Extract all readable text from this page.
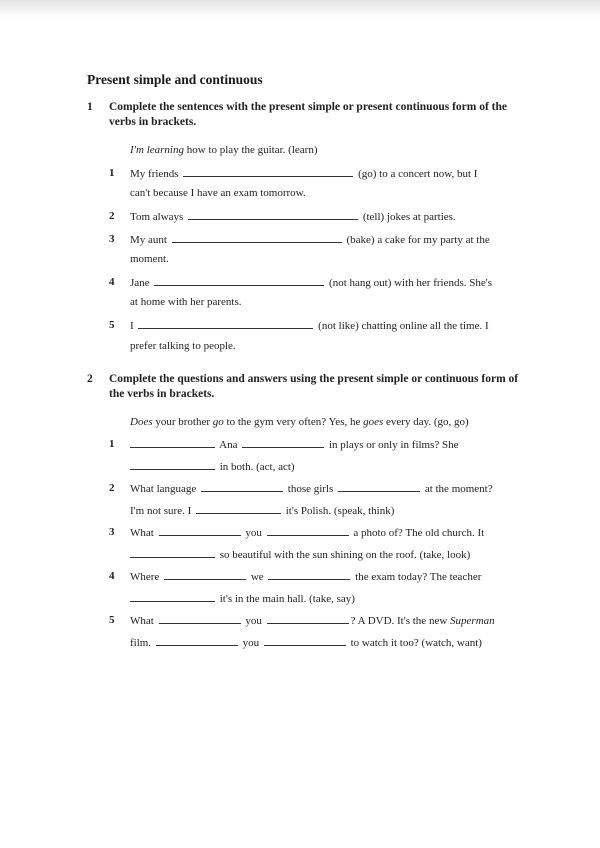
Present simple and continuous
1 Complete the sentences with the present simple or present continuous form of the verbs in brackets.
I'm learning how to play the guitar. (learn)
1 My friends	(go) to a concert now, but I
can't because I have an exam tomorrow.
2 Tom always	(tell) jokes at parties.
3 My aunt	(bake) a cake for my party at the
moment.
4 Jane	(not hang out) with her friends. She's
at home with her parents.
5 I	(not like) chatting online all the time. I
prefer talking to people.
2 Complete the questions and answers using the present simple or continuous form of the verbs in brackets.
Does your brother go to the gym very often? Yes, he goes every day. (go, go)
1	Ana	in plays or only in films? She
in both. (act, act)
2 What language	those girls	at the moment?
I'm not sure. I	it's Polish. (speak, think)
3 What	you	a photo of? The old church. It
so beautiful with the sun shining on the roof. (take, look)
4 Where	we	the exam today? The teacher
it's in the main hall. (take, say)
5 What	you	? A DVD. It's the new Superman
film.	you	to watch it too? (watch, want)
